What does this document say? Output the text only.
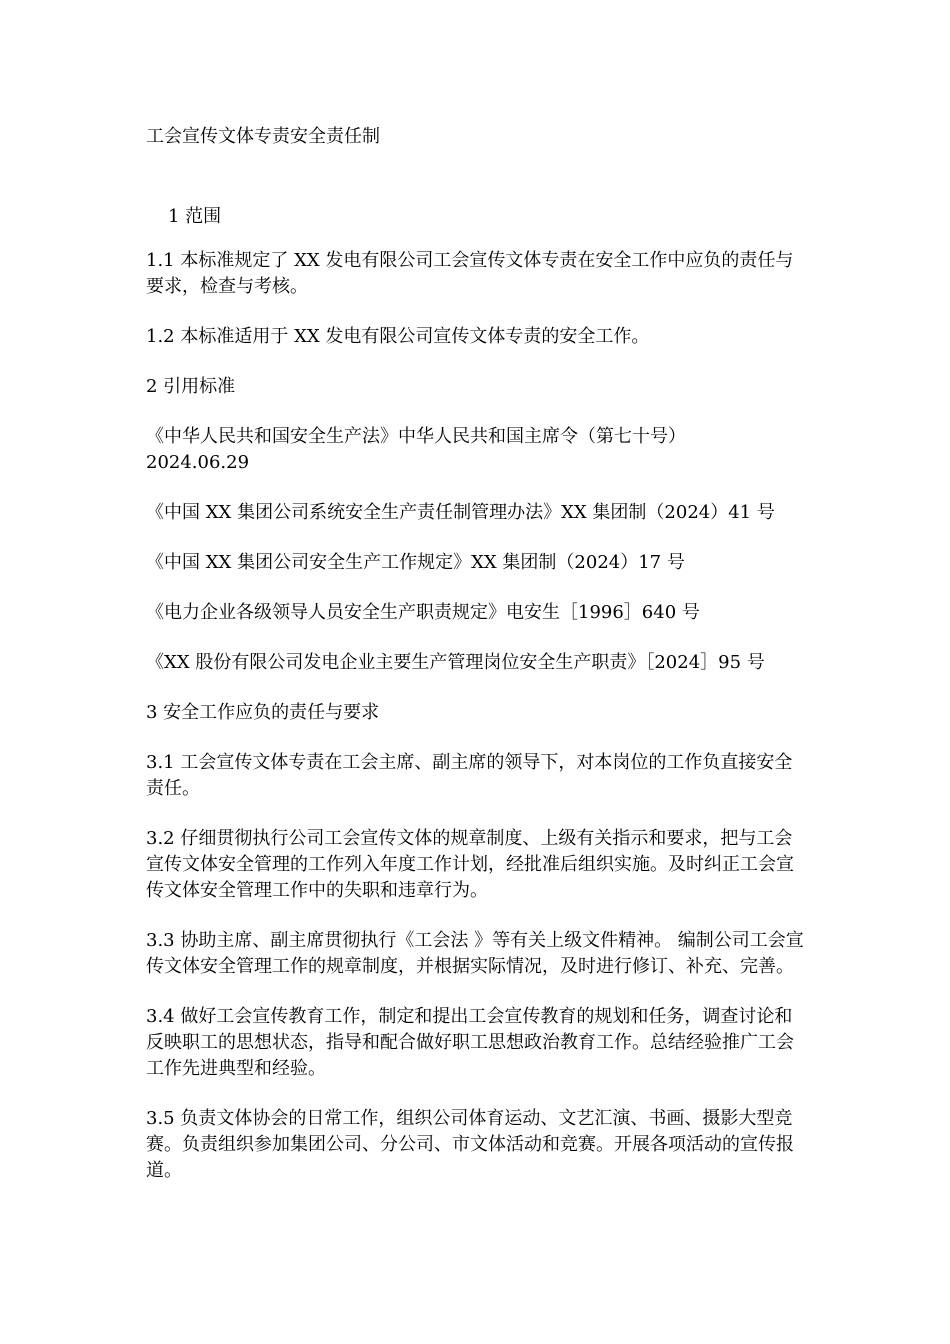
工会宣传文体专责安全责任制
1 范围
1.1 本标准规定了 XX 发电有限公司工会宣传文体专责在安全工作中应负的责任与要求，检查与考核。
1.2 本标准适用于 XX 发电有限公司宣传文体专责的安全工作。
2 引用标准
《中华人民共和国安全生产法》中华人民共和国主席令（第七十号）2024.06.29
《中国 XX 集团公司系统安全生产责任制管理办法》XX 集团制（2024）41 号
《中国 XX 集团公司安全生产工作规定》XX 集团制（2024）17 号
《电力企业各级领导人员安全生产职责规定》电安生［1996］640 号
《XX 股份有限公司发电企业主要生产管理岗位安全生产职责》［2024］95 号
3 安全工作应负的责任与要求
3.1 工会宣传文体专责在工会主席、副主席的领导下，对本岗位的工作负直接安全责任。
3.2 仔细贯彻执行公司工会宣传文体的规章制度、上级有关指示和要求，把与工会宣传文体安全管理的工作列入年度工作计划，经批准后组织实施。及时纠正工会宣传文体安全管理工作中的失职和违章行为。
3.3 协助主席、副主席贯彻执行《工会法 》等有关上级文件精神。 编制公司工会宣传文体安全管理工作的规章制度，并根据实际情况，及时进行修订、补充、完善。
3.4 做好工会宣传教育工作，制定和提出工会宣传教育的规划和任务，调查讨论和反映职工的思想状态，指导和配合做好职工思想政治教育工作。总结经验推广工会工作先进典型和经验。
3.5 负责文体协会的日常工作，组织公司体育运动、文艺汇演、书画、摄影大型竞赛。负责组织参加集团公司、分公司、市文体活动和竞赛。开展各项活动的宣传报道。
